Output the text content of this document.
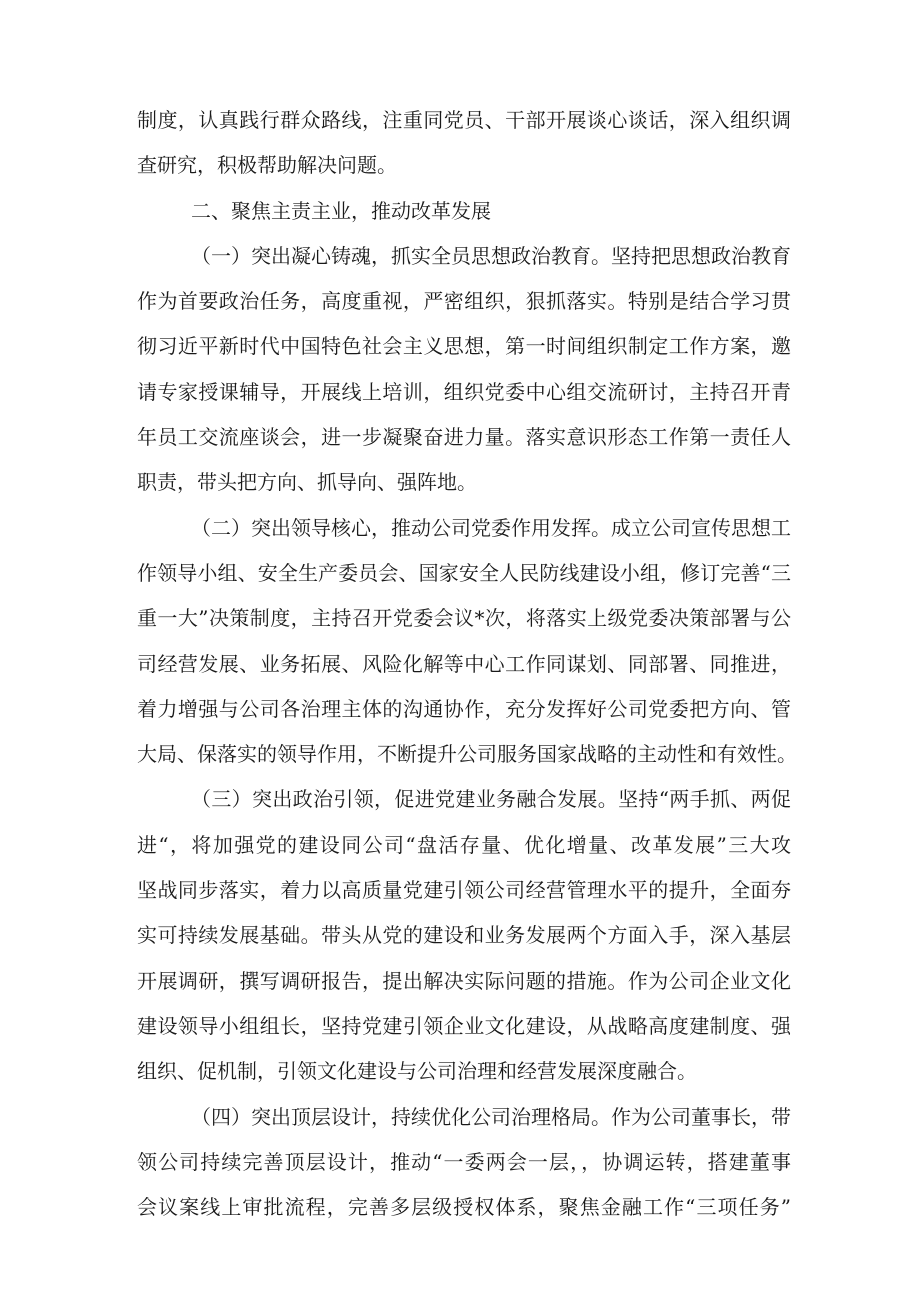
制度，认真践行群众路线，注重同党员、干部开展谈心谈话，深入组织调
查研究，积极帮助解决问题。
二、聚焦主责主业，推动改革发展
（一）突出凝心铸魂，抓实全员思想政治教育。坚持把思想政治教育
作为首要政治任务，高度重视，严密组织，狠抓落实。特别是结合学习贯
彻习近平新时代中国特色社会主义思想，第一时间组织制定工作方案，邀
请专家授课辅导，开展线上培训，组织党委中心组交流研讨，主持召开青
年员工交流座谈会，进一步凝聚奋进力量。落实意识形态工作第一责任人
职责，带头把方向、抓导向、强阵地。
（二）突出领导核心，推动公司党委作用发挥。成立公司宣传思想工
作领导小组、安全生产委员会、国家安全人民防线建设小组，修订完善“三
重一大”决策制度，主持召开党委会议*次，将落实上级党委决策部署与公
司经营发展、业务拓展、风险化解等中心工作同谋划、同部署、同推进，
着力增强与公司各治理主体的沟通协作，充分发挥好公司党委把方向、管
大局、保落实的领导作用，不断提升公司服务国家战略的主动性和有效性。
（三）突出政治引领，促进党建业务融合发展。坚持“两手抓、两促
进“，将加强党的建设同公司“盘活存量、优化增量、改革发展”三大攻
坚战同步落实，着力以高质量党建引领公司经营管理水平的提升，全面夯
实可持续发展基础。带头从党的建设和业务发展两个方面入手，深入基层
开展调研，撰写调研报告，提出解决实际问题的措施。作为公司企业文化
建设领导小组组长，坚持党建引领企业文化建设，从战略高度建制度、强
组织、促机制，引领文化建设与公司治理和经营发展深度融合。
（四）突出顶层设计，持续优化公司治理格局。作为公司董事长，带
领公司持续完善顶层设计，推动“一委两会一层，，协调运转，搭建董事
会议案线上审批流程，完善多层级授权体系，聚焦金融工作“三项任务”
